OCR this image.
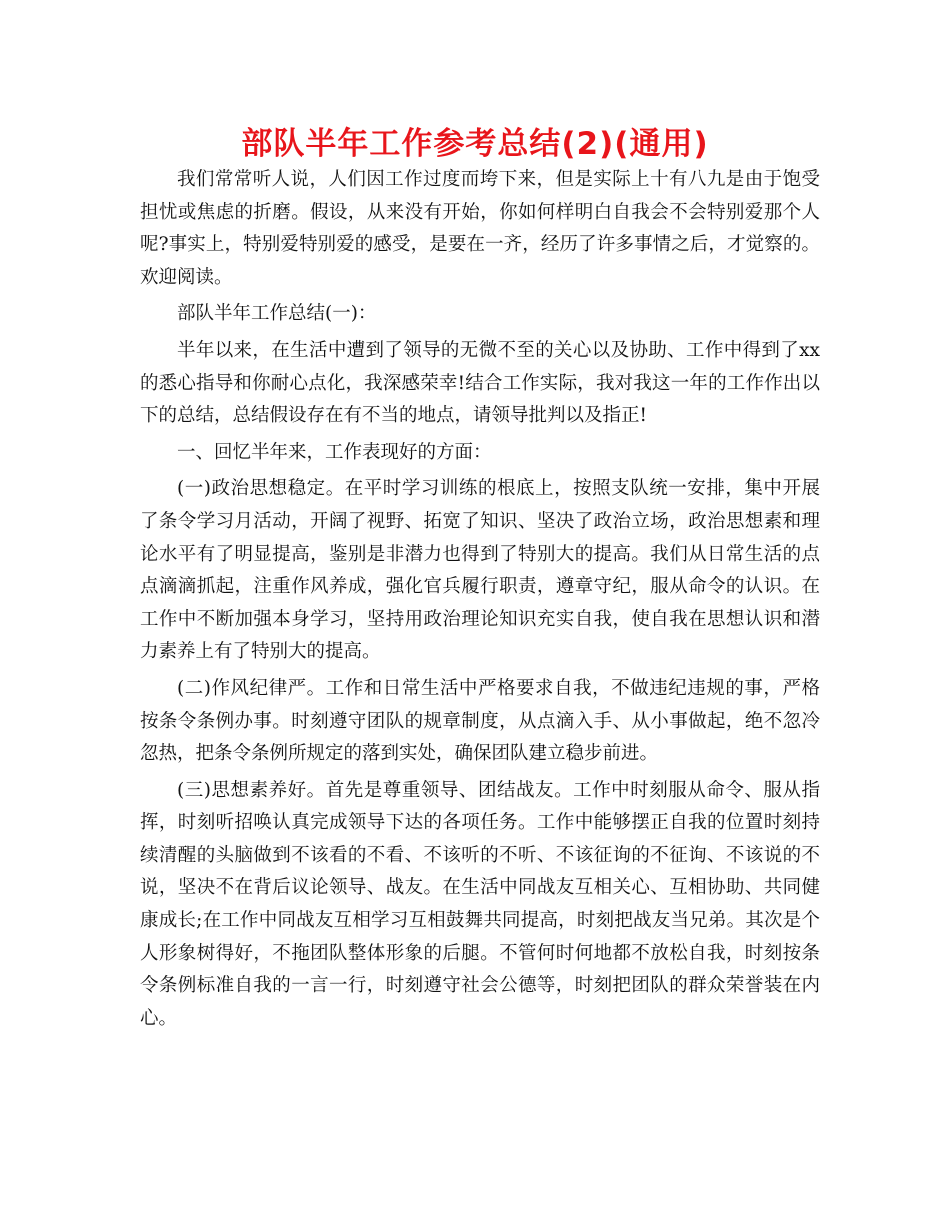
部队半年工作参考总结(2)(通用)

我们常常听人说，人们因工作过度而垮下来，但是实际上十有八九是由于饱受担忧或焦虑的折磨。假设，从来没有开始，你如何样明白自我会不会特别爱那个人呢?事实上，特别爱特别爱的感受，是要在一齐，经历了许多事情之后，才觉察的。欢迎阅读。

部队半年工作总结(一)：

半年以来，在生活中遭到了领导的无微不至的关心以及协助、工作中得到了xx的悉心指导和你耐心点化，我深感荣幸!结合工作实际，我对我这一年的工作作出以下的总结，总结假设存在有不当的地点，请领导批判以及指正!

一、回忆半年来，工作表现好的方面：

(一)政治思想稳定。在平时学习训练的根底上，按照支队统一安排，集中开展了条令学习月活动，开阔了视野、拓宽了知识、坚决了政治立场，政治思想素和理论水平有了明显提高，鉴别是非潜力也得到了特别大的提高。我们从日常生活的点点滴滴抓起，注重作风养成，强化官兵履行职责，遵章守纪，服从命令的认识。在工作中不断加强本身学习，坚持用政治理论知识充实自我，使自我在思想认识和潜力素养上有了特别大的提高。

(二)作风纪律严。工作和日常生活中严格要求自我，不做违纪违规的事，严格按条令条例办事。时刻遵守团队的规章制度，从点滴入手、从小事做起，绝不忽冷忽热，把条令条例所规定的落到实处，确保团队建立稳步前进。

(三)思想素养好。首先是尊重领导、团结战友。工作中时刻服从命令、服从指挥，时刻听招唤认真完成领导下达的各项任务。工作中能够摆正自我的位置时刻持续清醒的头脑做到不该看的不看、不该听的不听、不该征询的不征询、不该说的不说，坚决不在背后议论领导、战友。在生活中同战友互相关心、互相协助、共同健康成长;在工作中同战友互相学习互相鼓舞共同提高，时刻把战友当兄弟。其次是个人形象树得好，不拖团队整体形象的后腿。不管何时何地都不放松自我，时刻按条令条例标准自我的一言一行，时刻遵守社会公德等，时刻把团队的群众荣誉装在内心。
